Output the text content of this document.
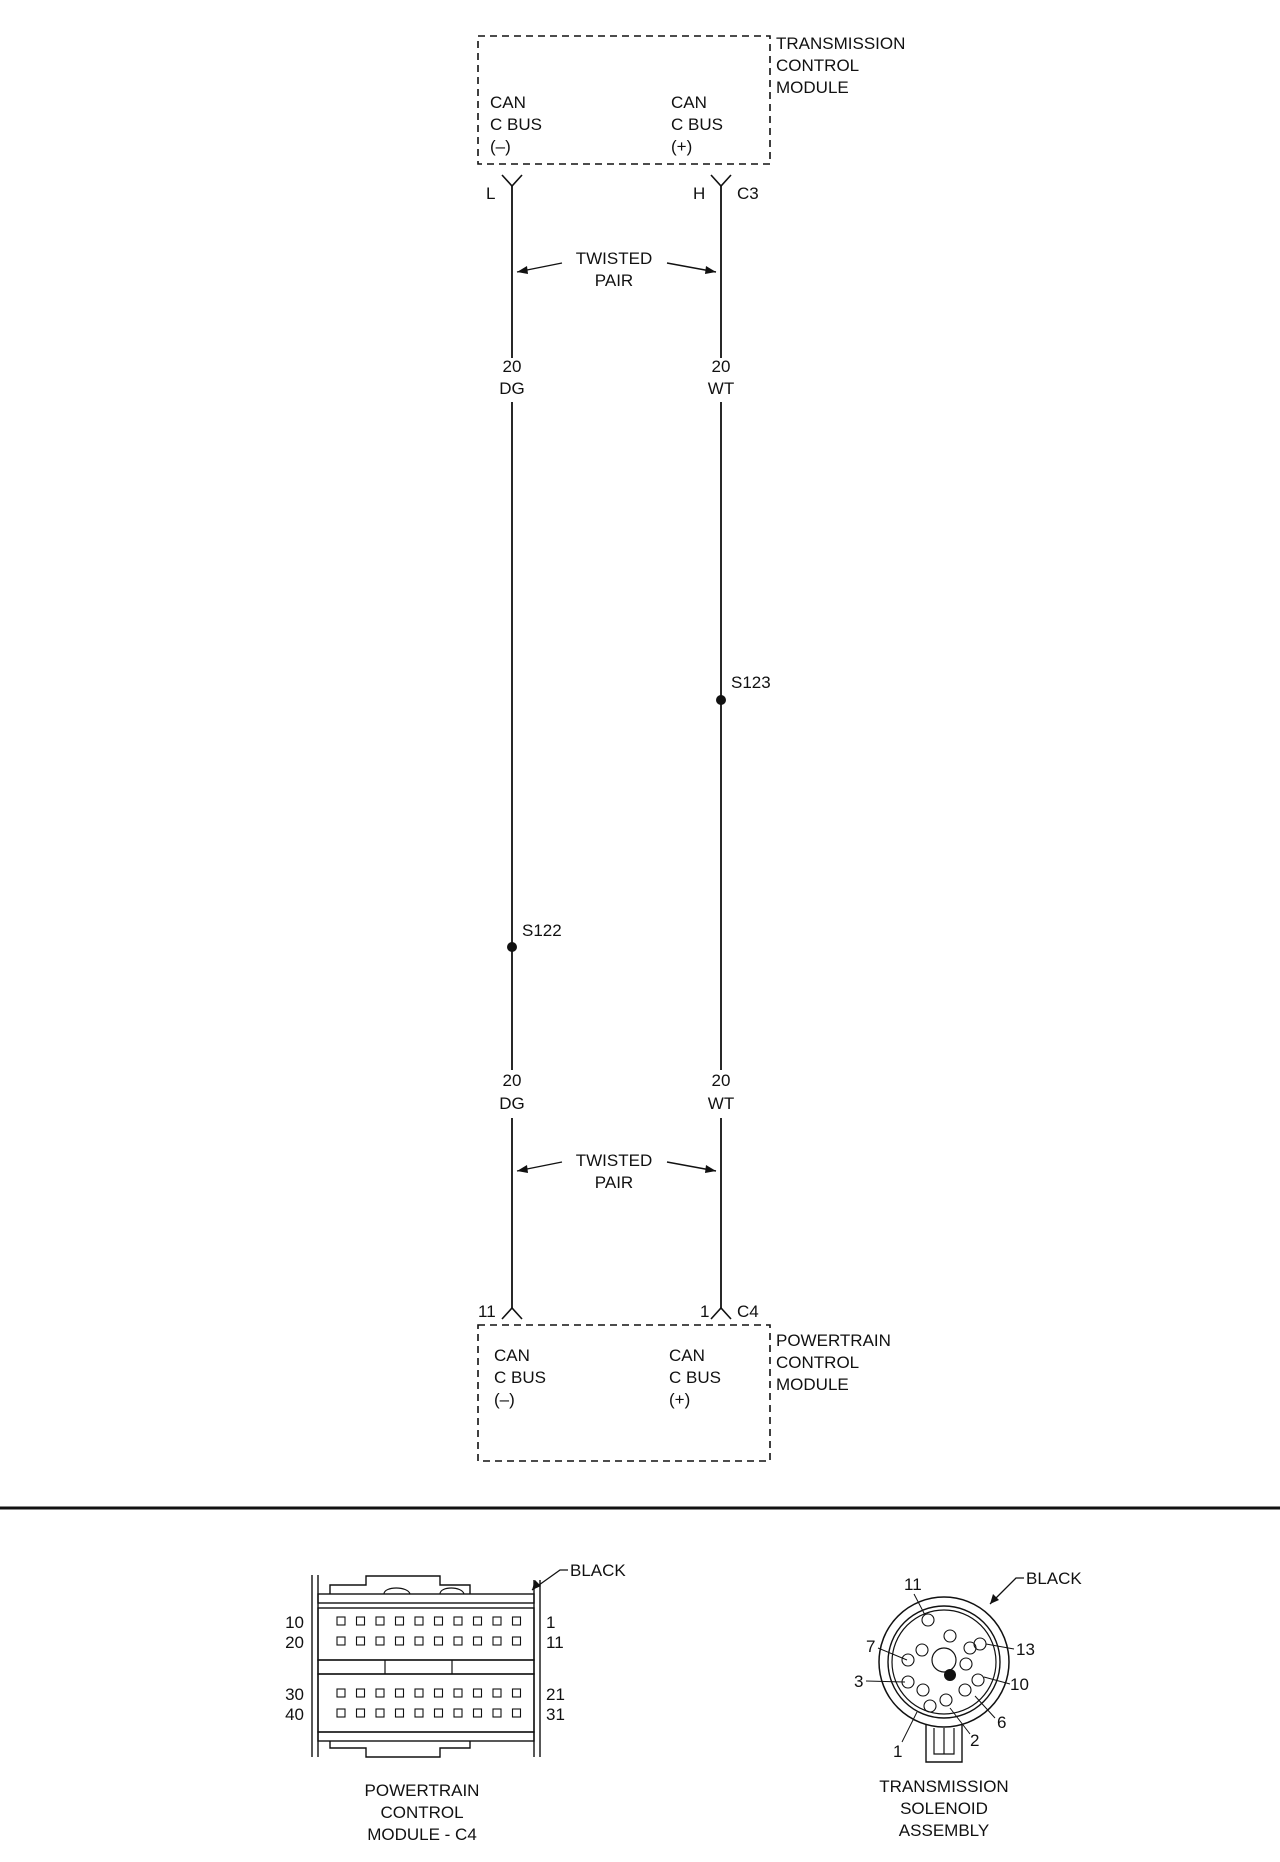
TRANSMISSION
CONTROL
MODULE
CAN
C BUS
(–)
CAN
C BUS
(+)
L	H C3
TWISTED
PAIR
20
DG
20
WT
S123
S122
20
DG
20
WT
TWISTED
PAIR
11	1 C4
POWERTRAIN
CONTROL
MODULE
CAN
C BUS
(–)
CAN
C BUS
(+)
10
20
30
40
1
11
21
31
BLACK
POWERTRAIN
CONTROL
MODULE - C4
11
7
3
1
2
6
10
13
BLACK
TRANSMISSION
SOLENOID
ASSEMBLY
